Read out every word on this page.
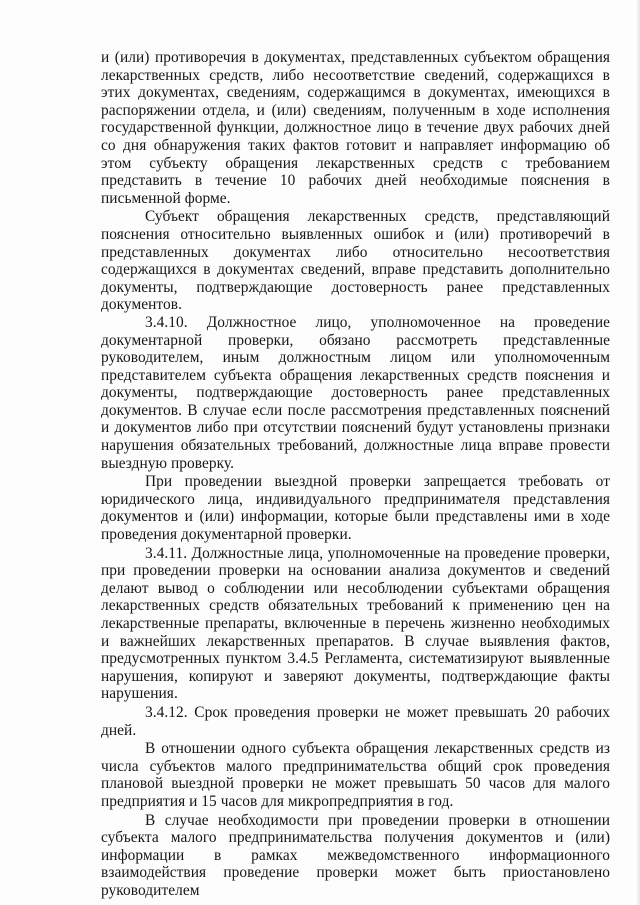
и (или) противоречия в документах, представленных субъектом обращения лекарственных средств, либо несоответствие сведений, содержащихся в этих документах, сведениям, содержащимся в документах, имеющихся в распоряжении отдела, и (или) сведениям, полученным в ходе исполнения государственной функции, должностное лицо в течение двух рабочих дней со дня обнаружения таких фактов готовит и направляет информацию об этом субъекту обращения лекарственных средств с требованием представить в течение 10 рабочих дней необходимые пояснения в письменной форме.

Субъект обращения лекарственных средств, представляющий пояснения относительно выявленных ошибок и (или) противоречий в представленных документах либо относительно несоответствия содержащихся в документах сведений, вправе представить дополнительно документы, подтверждающие достоверность ранее представленных документов.

3.4.10. Должностное лицо, уполномоченное на проведение документарной проверки, обязано рассмотреть представленные руководителем, иным должностным лицом или уполномоченным представителем субъекта обращения лекарственных средств пояснения и документы, подтверждающие достоверность ранее представленных документов. В случае если после рассмотрения представленных пояснений и документов либо при отсутствии пояснений будут установлены признаки нарушения обязательных требований, должностные лица вправе провести выездную проверку.

При проведении выездной проверки запрещается требовать от юридического лица, индивидуального предпринимателя представления документов и (или) информации, которые были представлены ими в ходе проведения документарной проверки.

3.4.11. Должностные лица, уполномоченные на проведение проверки, при проведении проверки на основании анализа документов и сведений делают вывод о соблюдении или несоблюдении субъектами обращения лекарственных средств обязательных требований к применению цен на лекарственные препараты, включенные в перечень жизненно необходимых и важнейших лекарственных препаратов. В случае выявления фактов, предусмотренных пунктом 3.4.5 Регламента, систематизируют выявленные нарушения, копируют и заверяют документы, подтверждающие факты нарушения.

3.4.12. Срок проведения проверки не может превышать 20 рабочих дней.

В отношении одного субъекта обращения лекарственных средств из числа субъектов малого предпринимательства общий срок проведения плановой выездной проверки не может превышать 50 часов для малого предприятия и 15 часов для микропредприятия в год.

В случае необходимости при проведении проверки в отношении субъекта малого предпринимательства получения документов и (или) информации в рамках межведомственного информационного взаимодействия проведение проверки может быть приостановлено руководителем
